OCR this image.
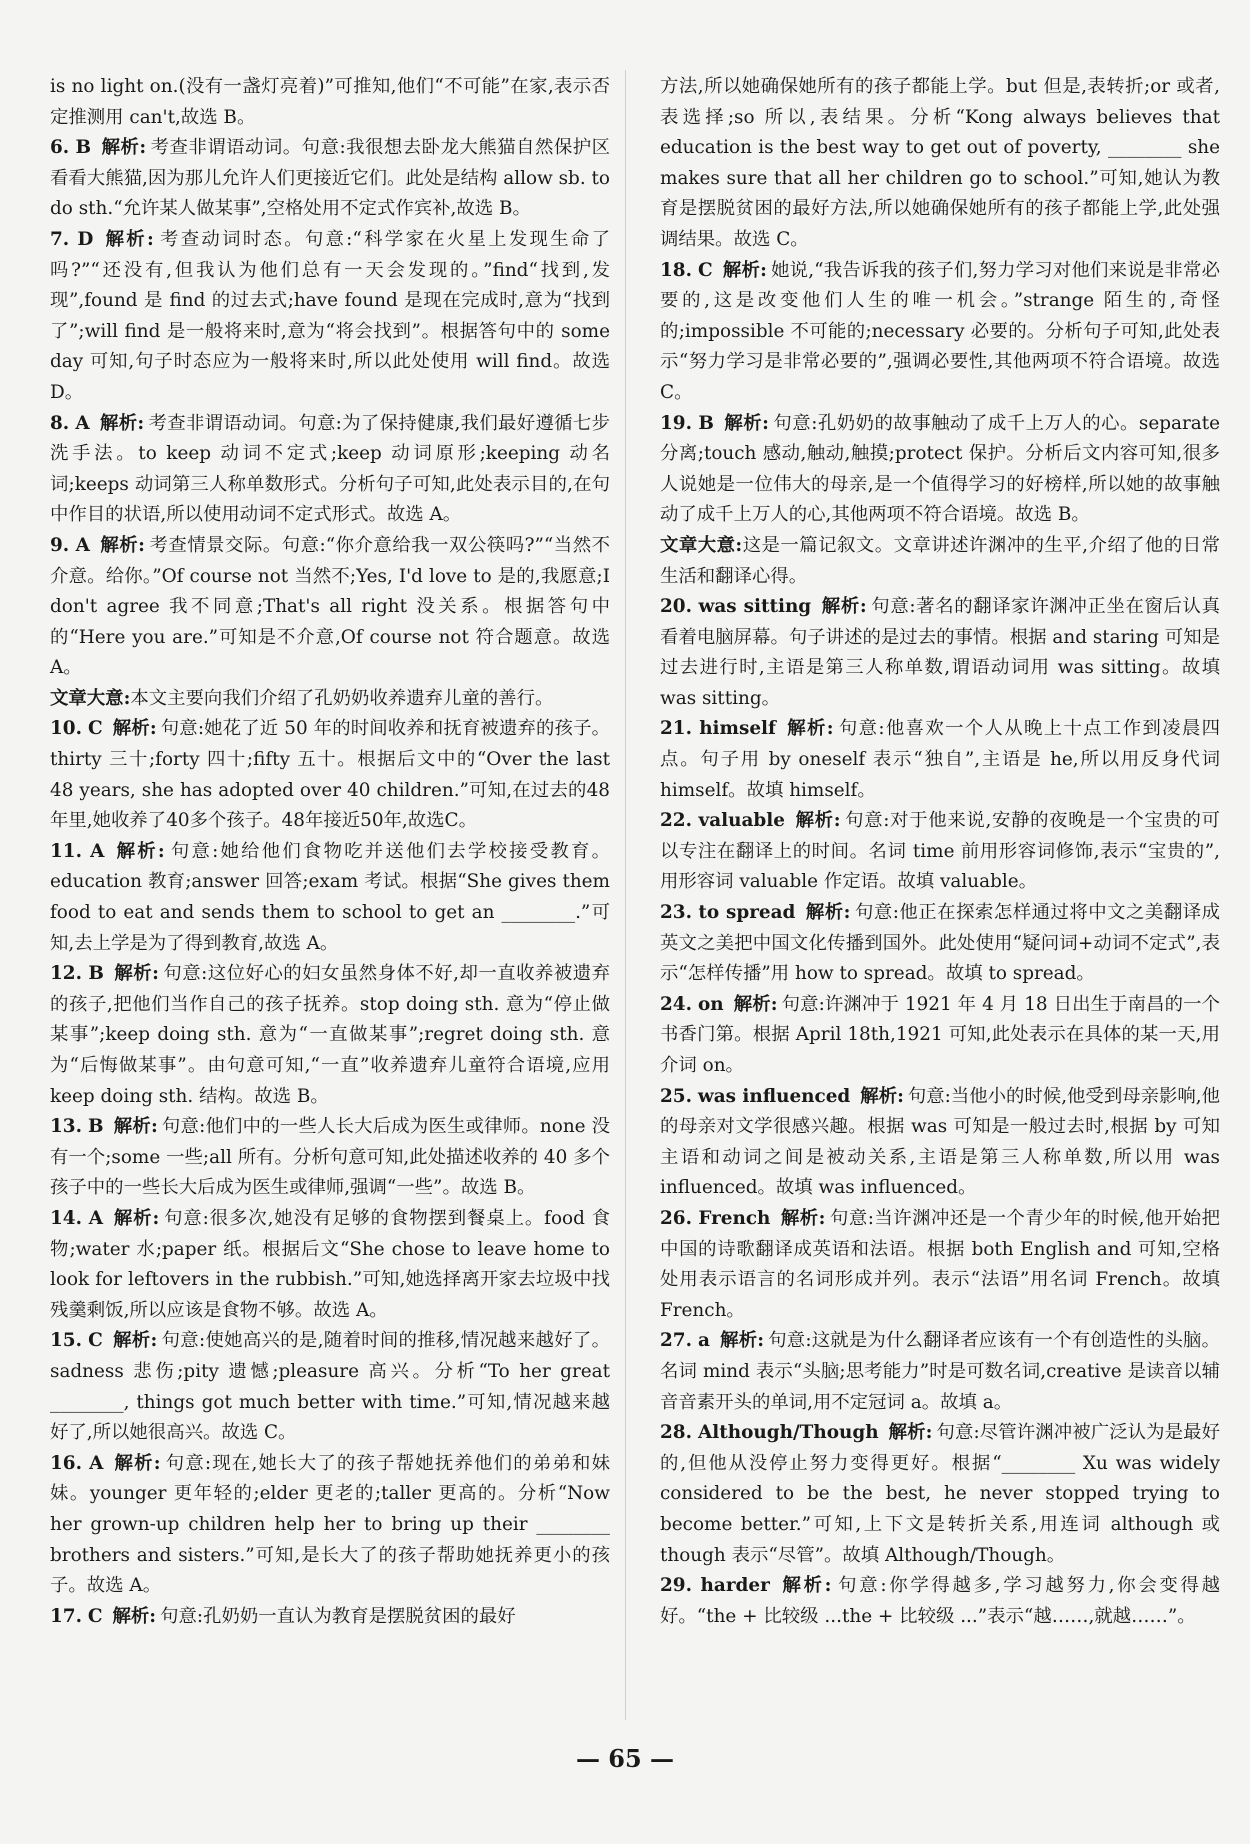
is no light on.(没有一盏灯亮着)”可推知,他们“不可能”在家,表示否定推测用 can't,故选 B。

6. B 解析: 考查非谓语动词。句意:我很想去卧龙大熊猫自然保护区看看大熊猫,因为那儿允许人们更接近它们。此处是结构 allow sb. to do sth.“允许某人做某事”,空格处用不定式作宾补,故选 B。

7. D 解析: 考查动词时态。句意:“科学家在火星上发现生命了吗?”“还没有,但我认为他们总有一天会发现的。”find“找到,发现”,found 是 find 的过去式;have found 是现在完成时,意为“找到了”;will find 是一般将来时,意为“将会找到”。根据答句中的 some day 可知,句子时态应为一般将来时,所以此处使用 will find。故选 D。

8. A 解析: 考查非谓语动词。句意:为了保持健康,我们最好遵循七步洗手法。to keep 动词不定式;keep 动词原形;keeping 动名词;keeps 动词第三人称单数形式。分析句子可知,此处表示目的,在句中作目的状语,所以使用动词不定式形式。故选 A。

9. A 解析: 考查情景交际。句意:“你介意给我一双公筷吗?”“当然不介意。给你。”Of course not 当然不;Yes, I'd love to 是的,我愿意;I don't agree 我不同意;That's all right 没关系。根据答句中的“Here you are.”可知是不介意,Of course not 符合题意。故选 A。

文章大意:本文主要向我们介绍了孔奶奶收养遗弃儿童的善行。

10. C 解析: 句意:她花了近 50 年的时间收养和抚育被遗弃的孩子。thirty 三十;forty 四十;fifty 五十。根据后文中的“Over the last 48 years, she has adopted over 40 children.”可知,在过去的48年里,她收养了40多个孩子。48年接近50年,故选C。

11. A 解析: 句意:她给他们食物吃并送他们去学校接受教育。education 教育;answer 回答;exam 考试。根据“She gives them food to eat and sends them to school to get an ________.”可知,去上学是为了得到教育,故选 A。

12. B 解析: 句意:这位好心的妇女虽然身体不好,却一直收养被遗弃的孩子,把他们当作自己的孩子抚养。stop doing sth. 意为“停止做某事”;keep doing sth. 意为“一直做某事”;regret doing sth. 意为“后悔做某事”。由句意可知,“一直”收养遗弃儿童符合语境,应用 keep doing sth. 结构。故选 B。

13. B 解析: 句意:他们中的一些人长大后成为医生或律师。none 没有一个;some 一些;all 所有。分析句意可知,此处描述收养的 40 多个孩子中的一些长大后成为医生或律师,强调“一些”。故选 B。

14. A 解析: 句意:很多次,她没有足够的食物摆到餐桌上。food 食物;water 水;paper 纸。根据后文“She chose to leave home to look for leftovers in the rubbish.”可知,她选择离开家去垃圾中找残羹剩饭,所以应该是食物不够。故选 A。

15. C 解析: 句意:使她高兴的是,随着时间的推移,情况越来越好了。sadness 悲伤;pity 遗憾;pleasure 高兴。分析“To her great ________, things got much better with time.”可知,情况越来越好了,所以她很高兴。故选 C。

16. A 解析: 句意:现在,她长大了的孩子帮她抚养他们的弟弟和妹妹。younger 更年轻的;elder 更老的;taller 更高的。分析“Now her grown-up children help her to bring up their ________ brothers and sisters.”可知,是长大了的孩子帮助她抚养更小的孩子。故选 A。

17. C 解析: 句意:孔奶奶一直认为教育是摆脱贫困的最好

方法,所以她确保她所有的孩子都能上学。but 但是,表转折;or 或者,表选择;so 所以,表结果。分析“Kong always believes that education is the best way to get out of poverty, ________ she makes sure that all her children go to school.”可知,她认为教育是摆脱贫困的最好方法,所以她确保她所有的孩子都能上学,此处强调结果。故选 C。

18. C 解析: 她说,“我告诉我的孩子们,努力学习对他们来说是非常必要的,这是改变他们人生的唯一机会。”strange 陌生的,奇怪的;impossible 不可能的;necessary 必要的。分析句子可知,此处表示“努力学习是非常必要的”,强调必要性,其他两项不符合语境。故选 C。

19. B 解析: 句意:孔奶奶的故事触动了成千上万人的心。separate 分离;touch 感动,触动,触摸;protect 保护。分析后文内容可知,很多人说她是一位伟大的母亲,是一个值得学习的好榜样,所以她的故事触动了成千上万人的心,其他两项不符合语境。故选 B。

文章大意:这是一篇记叙文。文章讲述许渊冲的生平,介绍了他的日常生活和翻译心得。

20. was sitting 解析: 句意:著名的翻译家许渊冲正坐在窗后认真看着电脑屏幕。句子讲述的是过去的事情。根据 and staring 可知是过去进行时,主语是第三人称单数,谓语动词用 was sitting。故填 was sitting。

21. himself 解析: 句意:他喜欢一个人从晚上十点工作到凌晨四点。句子用 by oneself 表示“独自”,主语是 he,所以用反身代词 himself。故填 himself。

22. valuable 解析: 句意:对于他来说,安静的夜晚是一个宝贵的可以专注在翻译上的时间。名词 time 前用形容词修饰,表示“宝贵的”,用形容词 valuable 作定语。故填 valuable。

23. to spread 解析: 句意:他正在探索怎样通过将中文之美翻译成英文之美把中国文化传播到国外。此处使用“疑问词+动词不定式”,表示“怎样传播”用 how to spread。故填 to spread。

24. on 解析: 句意:许渊冲于 1921 年 4 月 18 日出生于南昌的一个书香门第。根据 April 18th,1921 可知,此处表示在具体的某一天,用介词 on。

25. was influenced 解析: 句意:当他小的时候,他受到母亲影响,他的母亲对文学很感兴趣。根据 was 可知是一般过去时,根据 by 可知主语和动词之间是被动关系,主语是第三人称单数,所以用 was influenced。故填 was influenced。

26. French 解析: 句意:当许渊冲还是一个青少年的时候,他开始把中国的诗歌翻译成英语和法语。根据 both English and 可知,空格处用表示语言的名词形成并列。表示“法语”用名词 French。故填 French。

27. a 解析: 句意:这就是为什么翻译者应该有一个有创造性的头脑。名词 mind 表示“头脑;思考能力”时是可数名词,creative 是读音以辅音音素开头的单词,用不定冠词 a。故填 a。

28. Although/Though 解析: 句意:尽管许渊冲被广泛认为是最好的,但他从没停止努力变得更好。根据“________ Xu was widely considered to be the best, he never stopped trying to become better.”可知,上下文是转折关系,用连词 although 或 though 表示“尽管”。故填 Although/Though。

29. harder 解析: 句意:你学得越多,学习越努力,你会变得越好。“the + 比较级 ...the + 比较级 ...”表示“越……,就越……”。

— 65 —
